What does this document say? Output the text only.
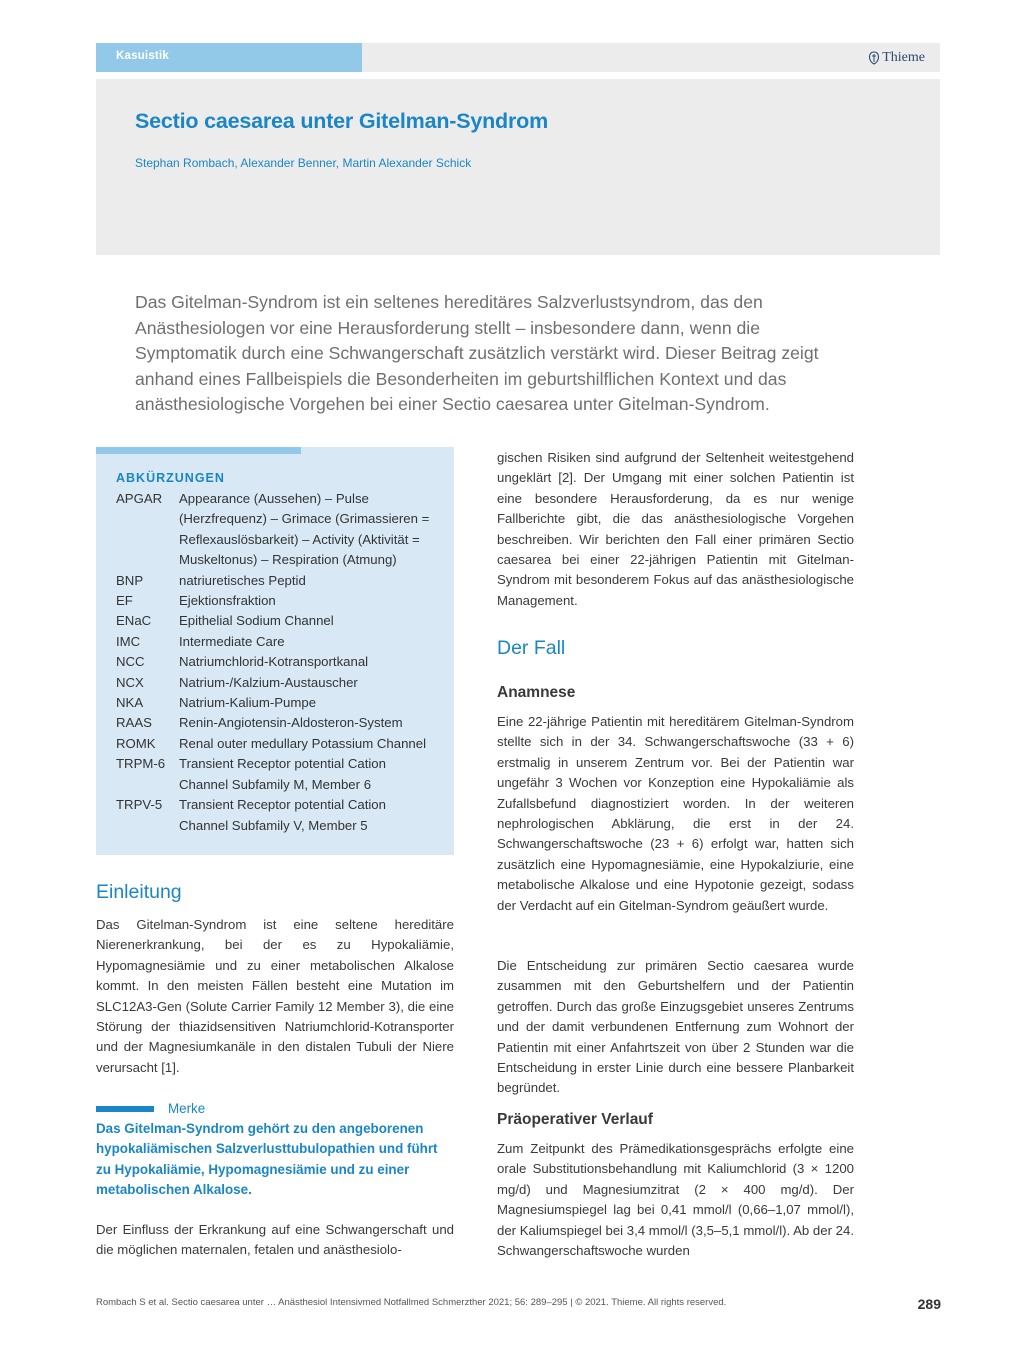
Kasuistik	Thieme
Sectio caesarea unter Gitelman-Syndrom
Stephan Rombach, Alexander Benner, Martin Alexander Schick

Das Gitelman-Syndrom ist ein seltenes hereditäres Salzverlustsyndrom, das den Anästhesiologen vor eine Herausforderung stellt – insbesondere dann, wenn die Symptomatik durch eine Schwangerschaft zusätzlich verstärkt wird. Dieser Beitrag zeigt anhand eines Fallbeispiels die Besonderheiten im geburtshilflichen Kontext und das anästhesiologische Vorgehen bei einer Sectio caesarea unter Gitelman-Syndrom.

ABKÜRZUNGEN
APGAR	Appearance (Aussehen) – Pulse (Herzfrequenz) – Grimace (Grimassieren = Reflexauslösbarkeit) – Activity (Aktivität = Muskeltonus) – Respiration (Atmung)
BNP	natriuretisches Peptid
EF	Ejektionsfraktion
ENaC	Epithelial Sodium Channel
IMC	Intermediate Care
NCC	Natriumchlorid-Kotransportkanal
NCX	Natrium-/Kalzium-Austauscher
NKA	Natrium-Kalium-Pumpe
RAAS	Renin-Angiotensin-Aldosteron-System
ROMK	Renal outer medullary Potassium Channel
TRPM-6	Transient Receptor potential Cation Channel Subfamily M, Member 6
TRPV-5	Transient Receptor potential Cation Channel Subfamily V, Member 5
Einleitung

Das Gitelman-Syndrom ist eine seltene hereditäre Nierenerkrankung, bei der es zu Hypokaliämie, Hypomagnesiämie und zu einer metabolischen Alkalose kommt. In den meisten Fällen besteht eine Mutation im SLC12A3-Gen (Solute Carrier Family 12 Member 3), die eine Störung der thiazidsensitiven Natriumchlorid-Kotransporter und der Magnesiumkanäle in den distalen Tubuli der Niere verursacht [1].

Merke

Das Gitelman-Syndrom gehört zu den angeborenen hypokaliämischen Salzverlusttubulopathien und führt zu Hypokaliämie, Hypomagnesiämie und zu einer metabolischen Alkalose.

Der Einfluss der Erkrankung auf eine Schwangerschaft und die möglichen maternalen, fetalen und anästhesiolo-

gischen Risiken sind aufgrund der Seltenheit weitestgehend ungeklärt [2]. Der Umgang mit einer solchen Patientin ist eine besondere Herausforderung, da es nur wenige Fallberichte gibt, die das anästhesiologische Vorgehen beschreiben. Wir berichten den Fall einer primären Sectio caesarea bei einer 22-jährigen Patientin mit Gitelman-Syndrom mit besonderem Fokus auf das anästhesiologische Management.

Der Fall
Anamnese

Eine 22-jährige Patientin mit hereditärem Gitelman-Syndrom stellte sich in der 34. Schwangerschaftswoche (33 + 6) erstmalig in unserem Zentrum vor. Bei der Patientin war ungefähr 3 Wochen vor Konzeption eine Hypokaliämie als Zufallsbefund diagnostiziert worden. In der weiteren nephrologischen Abklärung, die erst in der 24. Schwangerschaftswoche (23 + 6) erfolgt war, hatten sich zusätzlich eine Hypomagnesiämie, eine Hypokalziurie, eine metabolische Alkalose und eine Hypotonie gezeigt, sodass der Verdacht auf ein Gitelman-Syndrom geäußert wurde.

Die Entscheidung zur primären Sectio caesarea wurde zusammen mit den Geburtshelfern und der Patientin getroffen. Durch das große Einzugsgebiet unseres Zentrums und der damit verbundenen Entfernung zum Wohnort der Patientin mit einer Anfahrtszeit von über 2 Stunden war die Entscheidung in erster Linie durch eine bessere Planbarkeit begründet.

Präoperativer Verlauf

Zum Zeitpunkt des Prämedikationsgesprächs erfolgte eine orale Substitutionsbehandlung mit Kaliumchlorid (3 × 1200 mg/d) und Magnesiumzitrat (2 × 400 mg/d). Der Magnesiumspiegel lag bei 0,41 mmol/l (0,66–1,07 mmol/l), der Kaliumspiegel bei 3,4 mmol/l (3,5–5,1 mmol/l). Ab der 24. Schwangerschaftswoche wurden

Rombach S et al. Sectio caesarea unter … Anästhesiol Intensivmed Notfallmed Schmerzther 2021; 56: 289–295 | © 2021. Thieme. All rights reserved.	289
